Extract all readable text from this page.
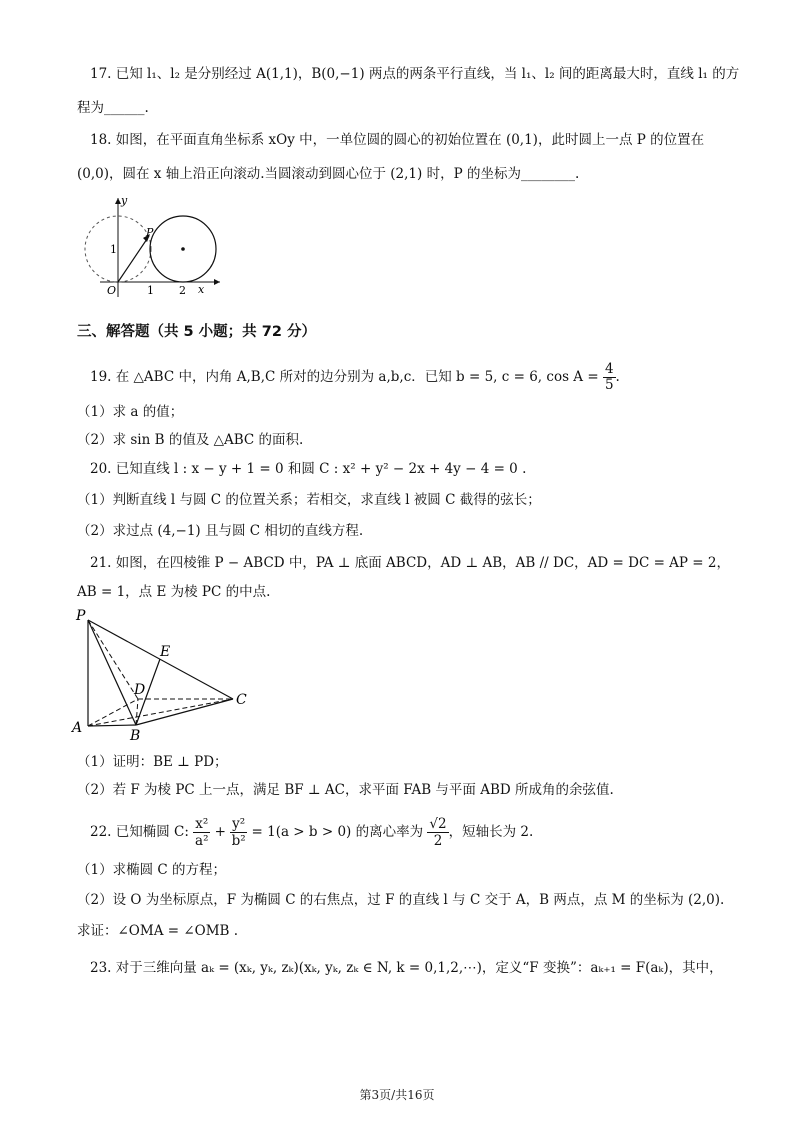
17. 已知 l₁、l₂ 是分别经过 A(1,1)，B(0,−1) 两点的两条平行直线，当 l₁、l₂ 间的距离最大时，直线 l₁ 的方
程为______.
18. 如图，在平面直角坐标系 xOy 中，一单位圆的圆心的初始位置在 (0,1)，此时圆上一点 P 的位置在
(0,0)，圆在 x 轴上沿正向滚动.当圆滚动到圆心位于 (2,1) 时，P 的坐标为________.
x
y
O	1 2
1
P
三、解答题（共 5 小题；共 72 分）
19. 在 △ABC 中，内角 A,B,C 所对的边分别为 a,b,c．已知 b = 5, c = 6, $\cos A = \frac{4}{5}$ .
（1）求 a 的值；
（2）求 sin B 的值及 △ABC 的面积.
20. 已知直线 l : x − y + 1 = 0 和圆 C : x² + y² − 2x + 4y − 4 = 0 .
（1）判断直线 l 与圆 C 的位置关系；若相交，求直线 l 被圆 C 截得的弦长；
（2）求过点 (4,−1) 且与圆 C 相切的直线方程.
21. 如图，在四棱锥 P − ABCD 中，PA ⊥ 底面 ABCD，AD ⊥ AB，AB // DC，AD = DC = AP = 2，
AB = 1，点 E 为棱 PC 的中点.
P
A	B
C
D
E
（1）证明：BE ⊥ PD；
（2）若 F 为棱 PC 上一点，满足 BF ⊥ AC，求平面 FAB 与平面 ABD 所成角的余弦值.
22. 已知椭圆 C: $\frac{\text{x²}}{\text{a²}} + \frac{\text{y²}}{\text{b²}} = 1(a > b > 0)$ 的离心率为 $\frac{√2}{2}$ ，短轴长为 2.
（1）求椭圆 C 的方程；
（2）设 O 为坐标原点，F 为椭圆 C 的右焦点，过 F 的直线 l 与 C 交于 A，B 两点，点 M 的坐标为 (2,0).
求证：∠OMA = ∠OMB .
23. 对于三维向量 aₖ = (xₖ, yₖ, zₖ)(xₖ, yₖ, zₖ ∈ N, k = 0,1,2,⋯)，定义“F 变换”：aₖ₊₁ = F(aₖ)，其中，
第3页/共16页
